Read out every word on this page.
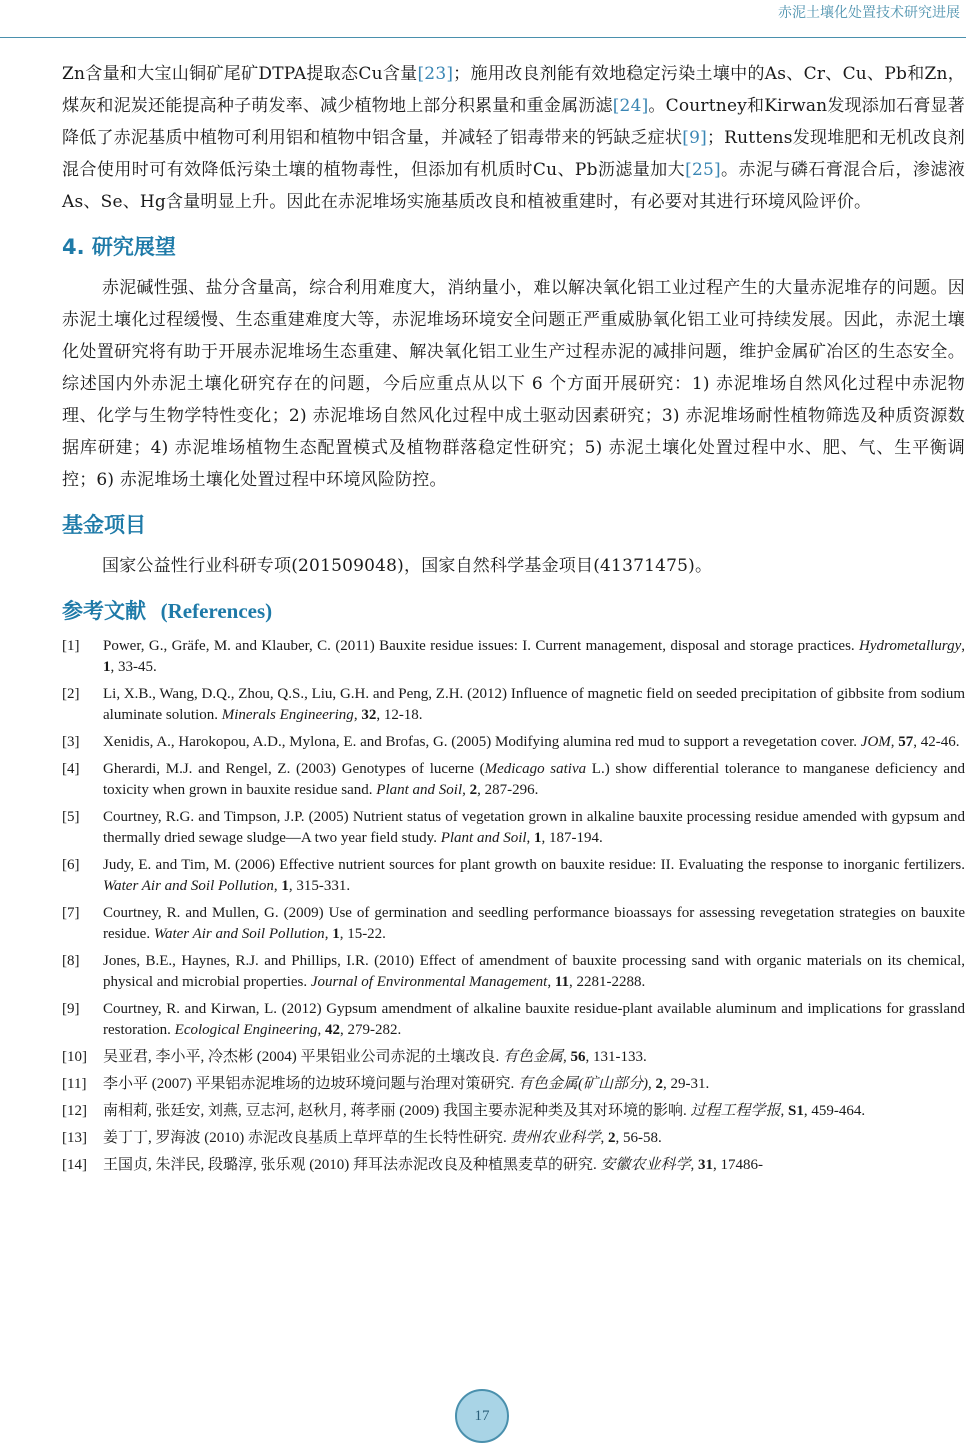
赤泥土壤化处置技术研究进展

Zn含量和大宝山铜矿尾矿DTPA提取态Cu含量[23]；施用改良剂能有效地稳定污染土壤中的As、Cr、Cu、Pb和Zn，煤灰和泥炭还能提高种子萌发率、减少植物地上部分积累量和重金属沥滤[24]。Courtney和Kirwan发现添加石膏显著降低了赤泥基质中植物可利用铝和植物中铝含量，并减轻了铝毒带来的钙缺乏症状[9]；Ruttens发现堆肥和无机改良剂混合使用时可有效降低污染土壤的植物毒性，但添加有机质时Cu、Pb沥滤量加大[25]。赤泥与磷石膏混合后，渗滤液As、Se、Hg含量明显上升。因此在赤泥堆场实施基质改良和植被重建时，有必要对其进行环境风险评价。

4. 研究展望

赤泥碱性强、盐分含量高，综合利用难度大，消纳量小，难以解决氧化铝工业过程产生的大量赤泥堆存的问题。因赤泥土壤化过程缓慢、生态重建难度大等，赤泥堆场环境安全问题正严重威胁氧化铝工业可持续发展。因此，赤泥土壤化处置研究将有助于开展赤泥堆场生态重建、解决氧化铝工业生产过程赤泥的减排问题，维护金属矿冶区的生态安全。综述国内外赤泥土壤化研究存在的问题，今后应重点从以下 6 个方面开展研究：1) 赤泥堆场自然风化过程中赤泥物理、化学与生物学特性变化；2) 赤泥堆场自然风化过程中成土驱动因素研究；3) 赤泥堆场耐性植物筛选及种质资源数据库研建；4) 赤泥堆场植物生态配置模式及植物群落稳定性研究；5) 赤泥土壤化处置过程中水、肥、气、生平衡调控；6) 赤泥堆场土壤化处置过程中环境风险防控。

基金项目

国家公益性行业科研专项(201509048)，国家自然科学基金项目(41371475)。

参考文献 (References)
[1]	Power, G., Gräfe, M. and Klauber, C. (2011) Bauxite residue issues: I. Current management, disposal and storage practices. Hydrometallurgy, 1, 33-45.
[2]	Li, X.B., Wang, D.Q., Zhou, Q.S., Liu, G.H. and Peng, Z.H. (2012) Influence of magnetic field on seeded precipitation of gibbsite from sodium aluminate solution. Minerals Engineering, 32, 12-18.
[3]	Xenidis, A., Harokopou, A.D., Mylona, E. and Brofas, G. (2005) Modifying alumina red mud to support a revegetation cover. JOM, 57, 42-46.
[4]	Gherardi, M.J. and Rengel, Z. (2003) Genotypes of lucerne (Medicago sativa L.) show differential tolerance to manganese deficiency and toxicity when grown in bauxite residue sand. Plant and Soil, 2, 287-296.
[5]	Courtney, R.G. and Timpson, J.P. (2005) Nutrient status of vegetation grown in alkaline bauxite processing residue amended with gypsum and thermally dried sewage sludge—A two year field study. Plant and Soil, 1, 187-194.
[6]	Judy, E. and Tim, M. (2006) Effective nutrient sources for plant growth on bauxite residue: II. Evaluating the response to inorganic fertilizers. Water Air and Soil Pollution, 1, 315-331.
[7]	Courtney, R. and Mullen, G. (2009) Use of germination and seedling performance bioassays for assessing revegetation strategies on bauxite residue. Water Air and Soil Pollution, 1, 15-22.
[8]	Jones, B.E., Haynes, R.J. and Phillips, I.R. (2010) Effect of amendment of bauxite processing sand with organic materials on its chemical, physical and microbial properties. Journal of Environmental Management, 11, 2281-2288.
[9]	Courtney, R. and Kirwan, L. (2012) Gypsum amendment of alkaline bauxite residue-plant available aluminum and implications for grassland restoration. Ecological Engineering, 42, 279-282.
[10]	吴亚君, 李小平, 冷杰彬 (2004) 平果铝业公司赤泥的土壤改良. 有色金属, 56, 131-133.
[11]	李小平 (2007) 平果铝赤泥堆场的边坡环境问题与治理对策研究. 有色金属(矿山部分), 2, 29-31.
[12]	南相莉, 张廷安, 刘燕, 豆志河, 赵秋月, 蒋孝丽 (2009) 我国主要赤泥种类及其对环境的影响. 过程工程学报, S1, 459-464.
[13]	姜丁丁, 罗海波 (2010) 赤泥改良基质上草坪草的生长特性研究. 贵州农业科学, 2, 56-58.
[14]	王国贞, 朱泮民, 段璐淳, 张乐观 (2010) 拜耳法赤泥改良及种植黑麦草的研究. 安徽农业科学, 31, 17486-
17
